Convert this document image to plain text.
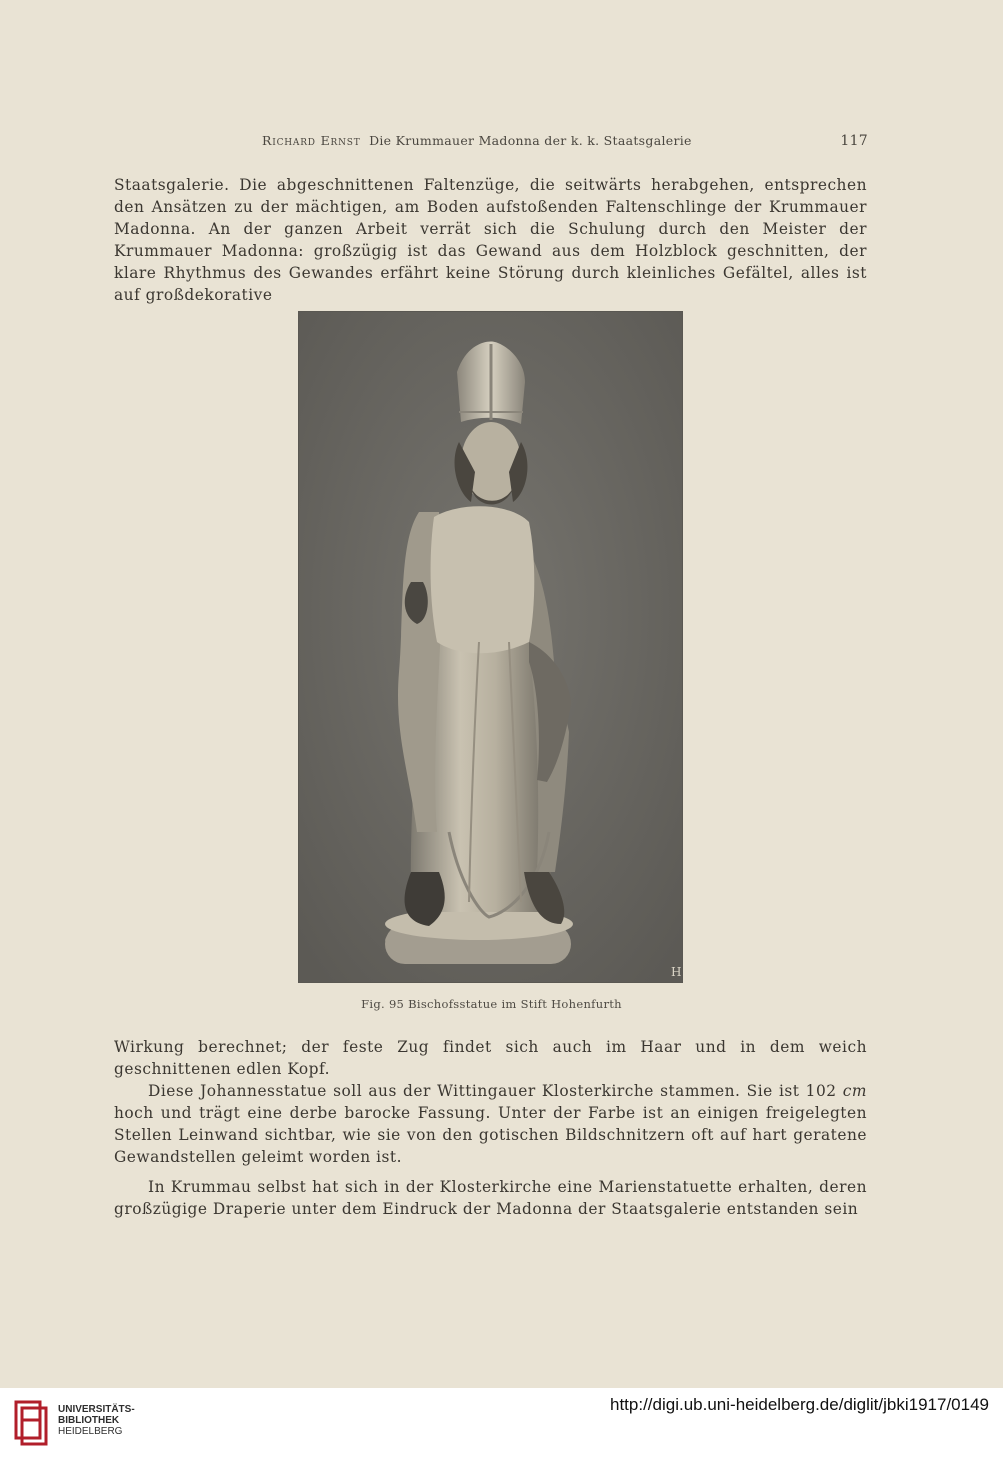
Richard Ernst Die Krummauer Madonna der k. k. Staatsgalerie	117

Staatsgalerie. Die abgeschnittenen Faltenzüge, die seitwärts herabgehen, entsprechen den Ansätzen zu der mächtigen, am Boden aufstoßenden Faltenschlinge der Krummauer Madonna. An der ganzen Arbeit verrät sich die Schulung durch den Meister der Krummauer Madonna: großzügig ist das Gewand aus dem Holzblock geschnitten, der klare Rhythmus des Gewandes erfährt keine Störung durch kleinliches Gefältel, alles ist auf großdekorative

H
Fig. 95 Bischofsstatue im Stift Hohenfurth

Wirkung berechnet; der feste Zug findet sich auch im Haar und in dem weich geschnittenen edlen Kopf.

Diese Johannesstatue soll aus der Wittingauer Klosterkirche stammen. Sie ist 102 cm hoch und trägt eine derbe barocke Fassung. Unter der Farbe ist an einigen freigelegten Stellen Leinwand sichtbar, wie sie von den gotischen Bildschnitzern oft auf hart geratene Gewandstellen geleimt worden ist.

In Krummau selbst hat sich in der Klosterkirche eine Marienstatuette erhalten, deren großzügige Draperie unter dem Eindruck der Madonna der Staatsgalerie entstanden sein

UNIVERSITÄTS-
BIBLIOTHEK
HEIDELBERG
http://digi.ub.uni-heidelberg.de/diglit/jbki1917/0149
